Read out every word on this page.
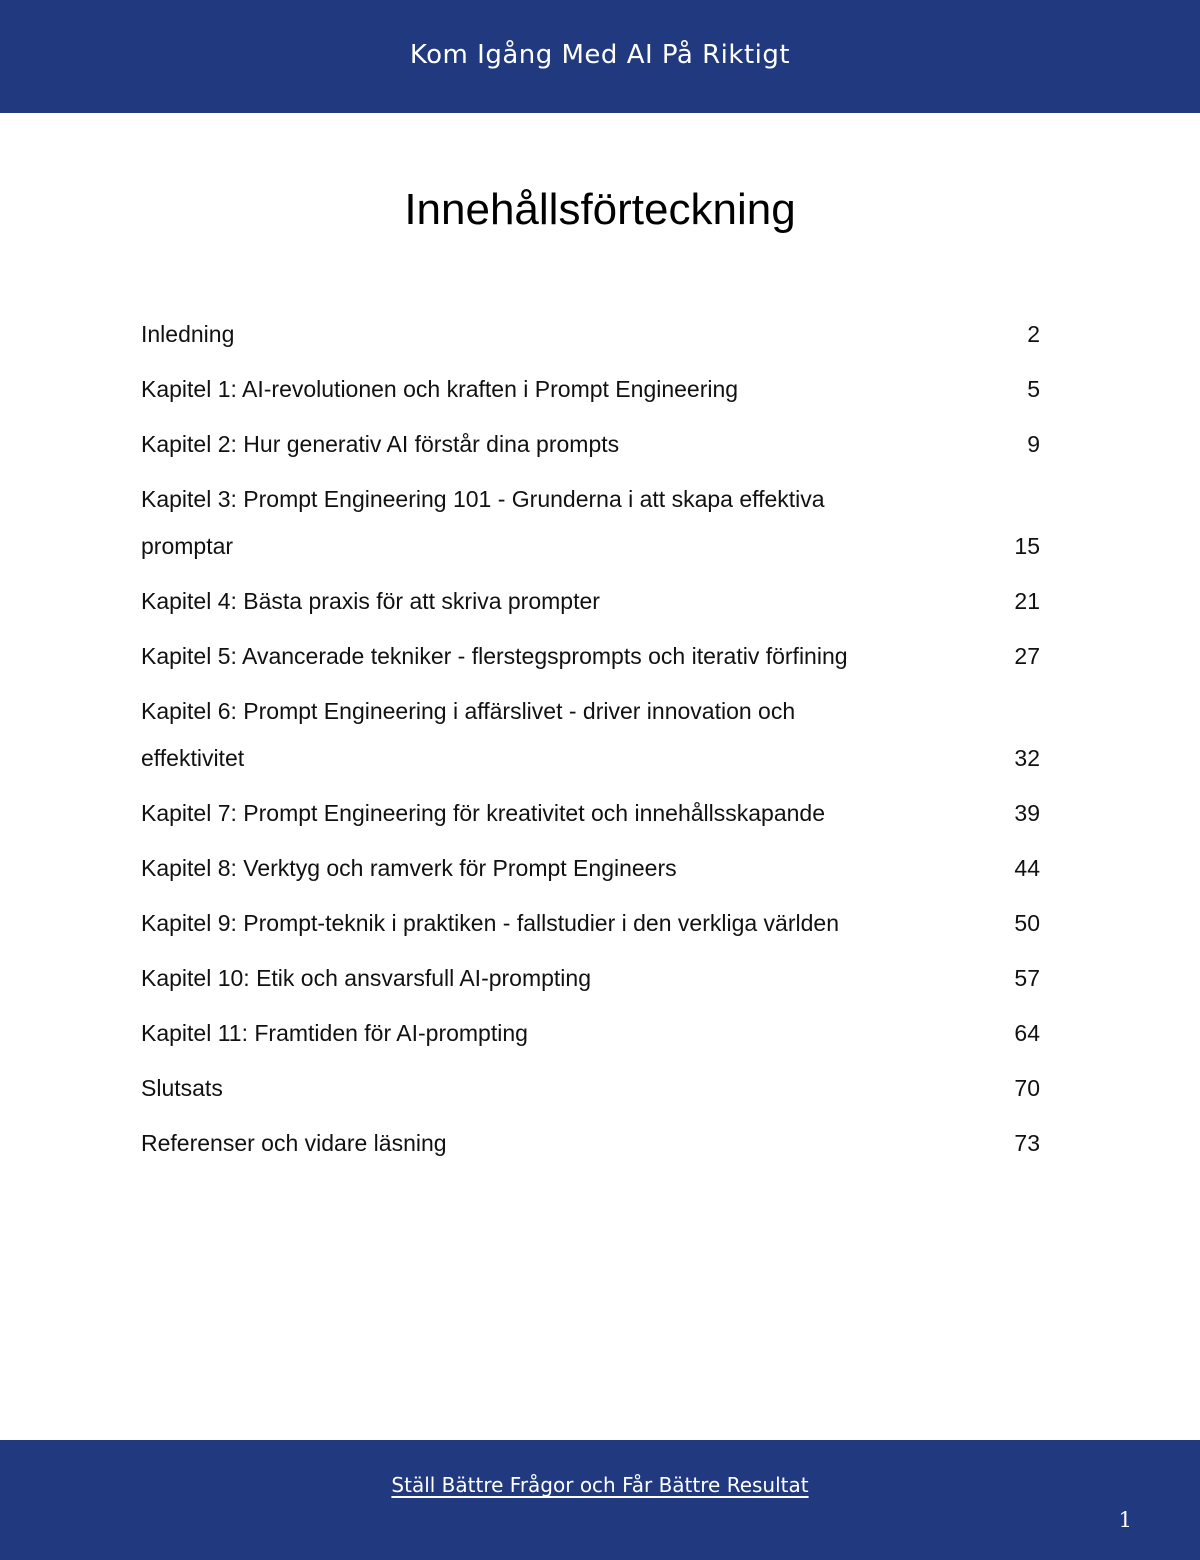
Kom Igång Med AI På Riktigt
Innehållsförteckning
Inledning	2
Kapitel 1: AI-revolutionen och kraften i Prompt Engineering	5
Kapitel 2: Hur generativ AI förstår dina prompts	9
Kapitel 3: Prompt Engineering 101 - Grunderna i att skapa effektiva promptar	15
Kapitel 4: Bästa praxis för att skriva prompter	21
Kapitel 5: Avancerade tekniker - flerstegsprompts och iterativ förfining	27
Kapitel 6: Prompt Engineering i affärslivet - driver innovation och effektivitet	32
Kapitel 7: Prompt Engineering för kreativitet och innehållsskapande	39
Kapitel 8: Verktyg och ramverk för Prompt Engineers	44
Kapitel 9: Prompt-teknik i praktiken - fallstudier i den verkliga världen	50
Kapitel 10: Etik och ansvarsfull AI-prompting	57
Kapitel 11: Framtiden för AI-prompting	64
Slutsats	70
Referenser och vidare läsning	73
Ställ Bättre Frågor och Får Bättre Resultat
1
